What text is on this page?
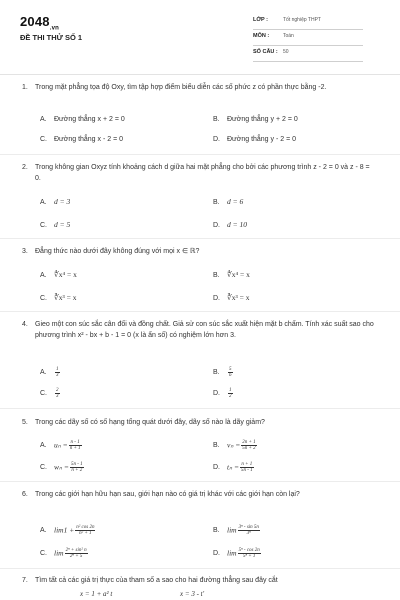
$2048_{.vn}$
ĐỀ THI THỬ SỐ 1
LỚP :	Tốt nghiệp THPT
MÔN :	Toán
SỐ CÂU : 50
1. Trong mặt phẳng tọa độ Oxy, tìm tập hợp điểm biểu diễn các số phức z có phần thực bằng -2.
A. Đường thẳng x + 2 = 0	B. Đường thẳng y + 2 = 0
C. Đường thẳng x - 2 = 0	D. Đường thẳng y - 2 = 0
2. Trong không gian Oxyz tính khoảng cách d giữa hai mặt phẳng cho bởi các phương trình z - 2 = 0 và z - 8 = 0.
A. d = 3	B. d = 6
C. d = 5	D. d = 10
3. Đẳng thức nào dưới đây không đúng với mọi x ∈ ℝ?
A. ∜x⁴ = x	B. ∜x⁴ = x
C. ∛x³ = x	D. ∛x³ = x
4. Gieo một con súc sắc cân đối và đồng chất. Giả sử con súc sắc xuất hiện mặt b chấm. Tính xác suất sao cho phương trình x² - bx + b - 1 = 0 (x là ẩn số) có nghiệm lớn hơn 3.
A. $\frac{1}{3}$	B. $\frac{5}{6}$
C. $\frac{2}{3}$	D. $\frac{1}{2}$
5. Trong các dãy số có số hạng tổng quát dưới đây, dãy số nào là dãy giảm?
A. $u_n = \frac{n - 1}{n + 1}$	B. $v_n = \frac{2n + 1}{5n + 2}$
C. $w_n = \frac{5n - 1}{n + 2}$	D. $t_n = \frac{n + 1}{5n - 1}$
6. Trong các giới hạn hữu hạn sau, giới hạn nào có giá trị khác với các giới hạn còn lại?
A. $\lim 1 + \frac{\text{n² cos 2n}}{\text{n² + 1}}$	B. $\lim \frac{\text{3ⁿ - sin 5n}}{\text{3ⁿ}}$
C. $\lim \frac{\text{2ⁿ + sin² n}}{\text{2ⁿ + 5}}$	D. $\lim \frac{\text{5ⁿ - cos 2n}}{\text{5ⁿ + 1}}$
7. Tìm tất cả các giá trị thực của tham số a sao cho hai đường thẳng sau đây cắt
x = 1 + a² t	x = 3 - t'
